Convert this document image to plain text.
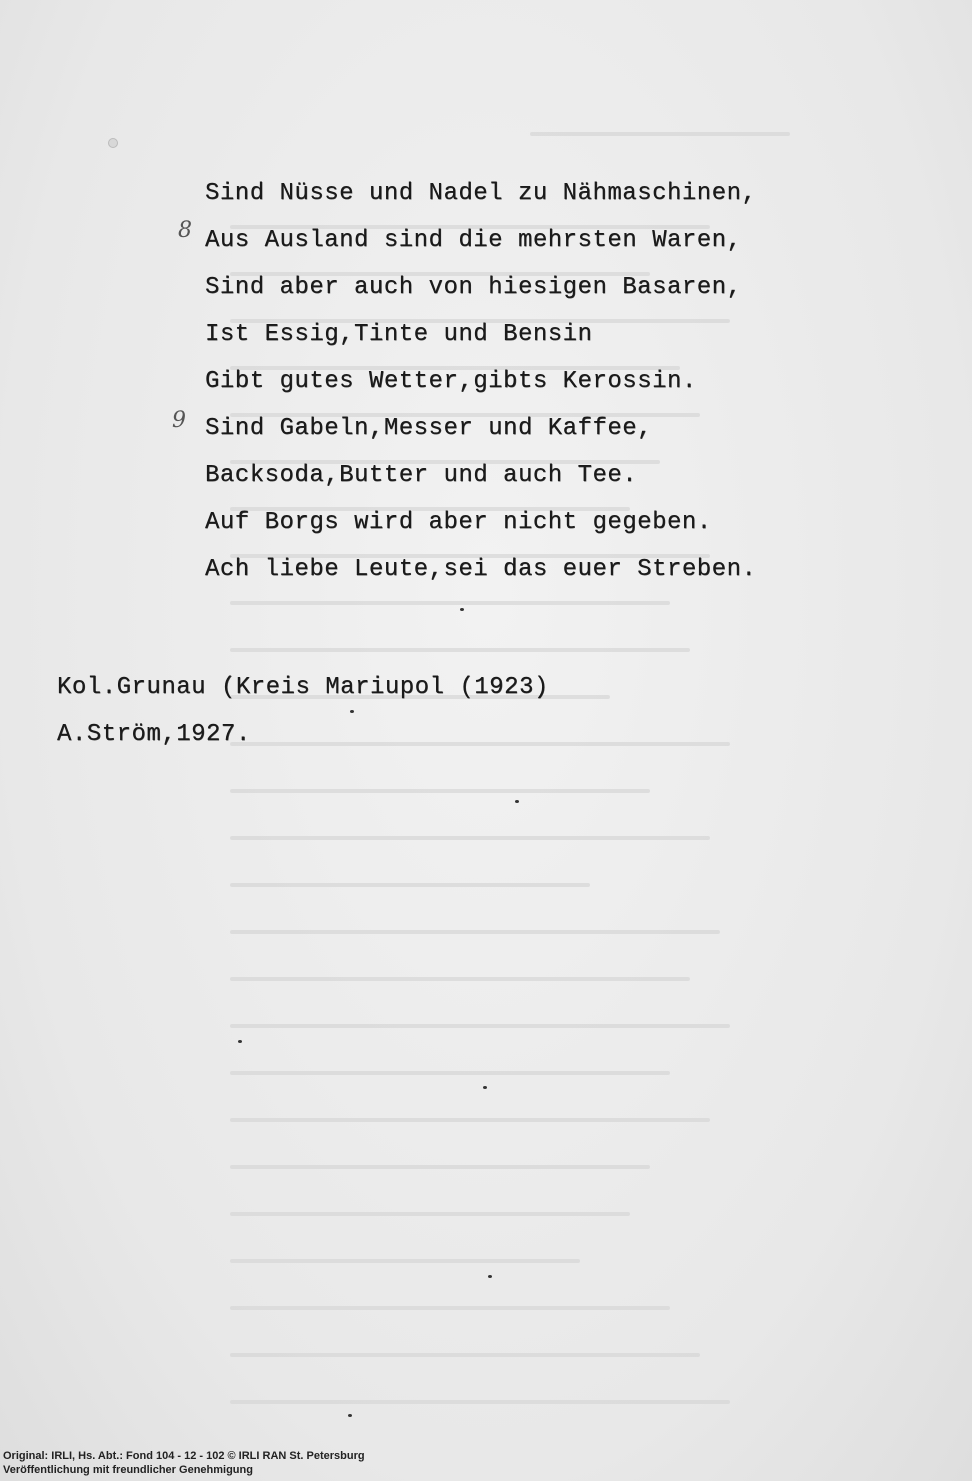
8
9
Sind Nüsse und Nadel zu Nähmaschinen,
Aus Ausland sind die mehrsten Waren,
Sind aber auch von hiesigen Basaren,
Ist Essig,Tinte und Bensin
Gibt gutes Wetter,gibts Kerossin.
Sind Gabeln,Messer und Kaffee,
Backsoda,Butter und auch Tee.
Auf Borgs wird aber nicht gegeben.
Ach liebe Leute,sei das euer Streben.
Kol.Grunau (Kreis Mariupol (1923)
A.Ström,1927.
Original: IRLI, Hs. Abt.: Fond 104 - 12 - 102 © IRLI RAN St. Petersburg
Veröffentlichung mit freundlicher Genehmigung
